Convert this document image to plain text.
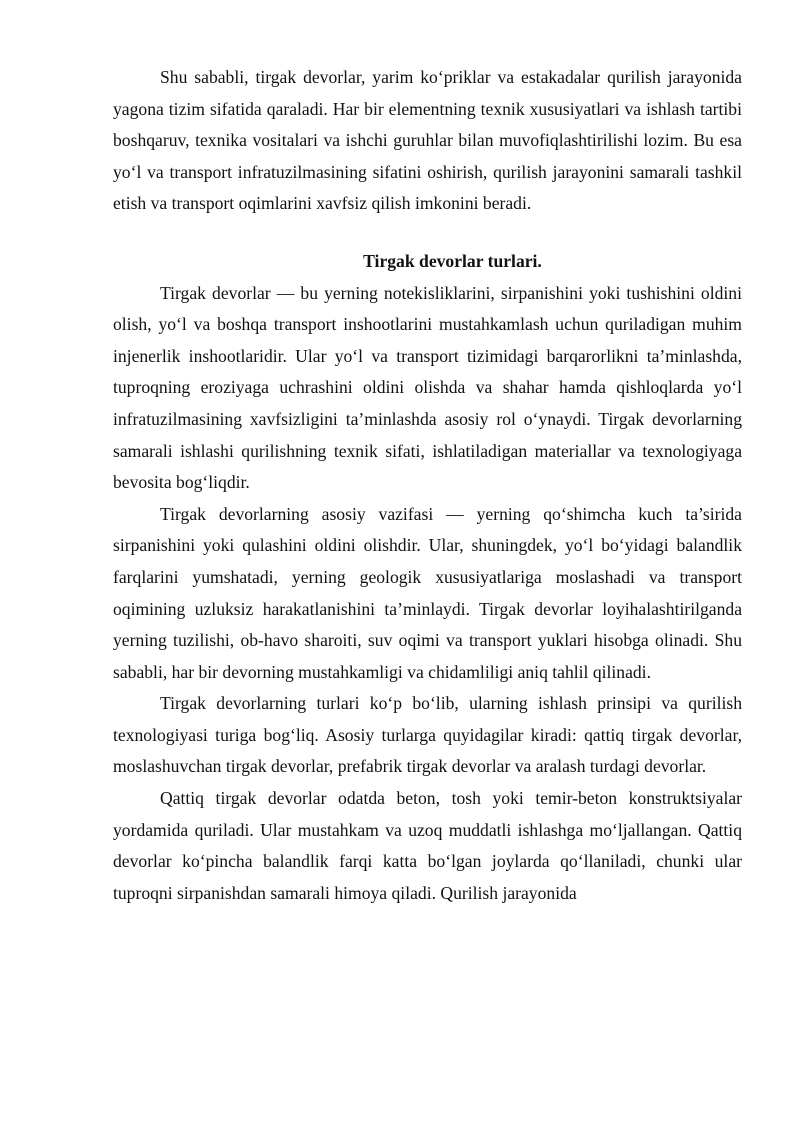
Shu sababli, tirgak devorlar, yarim ko‘priklar va estakadalar qurilish jarayonida yagona tizim sifatida qaraladi. Har bir elementning texnik xususiyatlari va ishlash tartibi boshqaruv, texnika vositalari va ishchi guruhlar bilan muvofiqlashtirilishi lozim. Bu esa yo‘l va transport infratuzilmasining sifatini oshirish, qurilish jarayonini samarali tashkil etish va transport oqimlarini xavfsiz qilish imkonini beradi.

Tirgak devorlar turlari.

Tirgak devorlar — bu yerning notekisliklarini, sirpanishini yoki tushishini oldini olish, yo‘l va boshqa transport inshootlarini mustahkamlash uchun quriladigan muhim injenerlik inshootlaridir. Ular yo‘l va transport tizimidagi barqarorlikni ta’minlashda, tuproqning eroziyaga uchrashini oldini olishda va shahar hamda qishloqlarda yo‘l infratuzilmasining xavfsizligini ta’minlashda asosiy rol o‘ynaydi. Tirgak devorlarning samarali ishlashi qurilishning texnik sifati, ishlatiladigan materiallar va texnologiyaga bevosita bog‘liqdir.

Tirgak devorlarning asosiy vazifasi — yerning qo‘shimcha kuch ta’sirida sirpanishini yoki qulashini oldini olishdir. Ular, shuningdek, yo‘l bo‘yidagi balandlik farqlarini yumshatadi, yerning geologik xususiyatlariga moslashadi va transport oqimining uzluksiz harakatlanishini ta’minlaydi. Tirgak devorlar loyihalashtirilganda yerning tuzilishi, ob-havo sharoiti, suv oqimi va transport yuklari hisobga olinadi. Shu sababli, har bir devorning mustahkamligi va chidamliligi aniq tahlil qilinadi.

Tirgak devorlarning turlari ko‘p bo‘lib, ularning ishlash prinsipi va qurilish texnologiyasi turiga bog‘liq. Asosiy turlarga quyidagilar kiradi: qattiq tirgak devorlar, moslashuvchan tirgak devorlar, prefabrik tirgak devorlar va aralash turdagi devorlar.

Qattiq tirgak devorlar odatda beton, tosh yoki temir-beton konstruktsiyalar yordamida quriladi. Ular mustahkam va uzoq muddatli ishlashga mo‘ljallangan. Qattiq devorlar ko‘pincha balandlik farqi katta bo‘lgan joylarda qo‘llaniladi, chunki ular tuproqni sirpanishdan samarali himoya qiladi. Qurilish jarayonida
